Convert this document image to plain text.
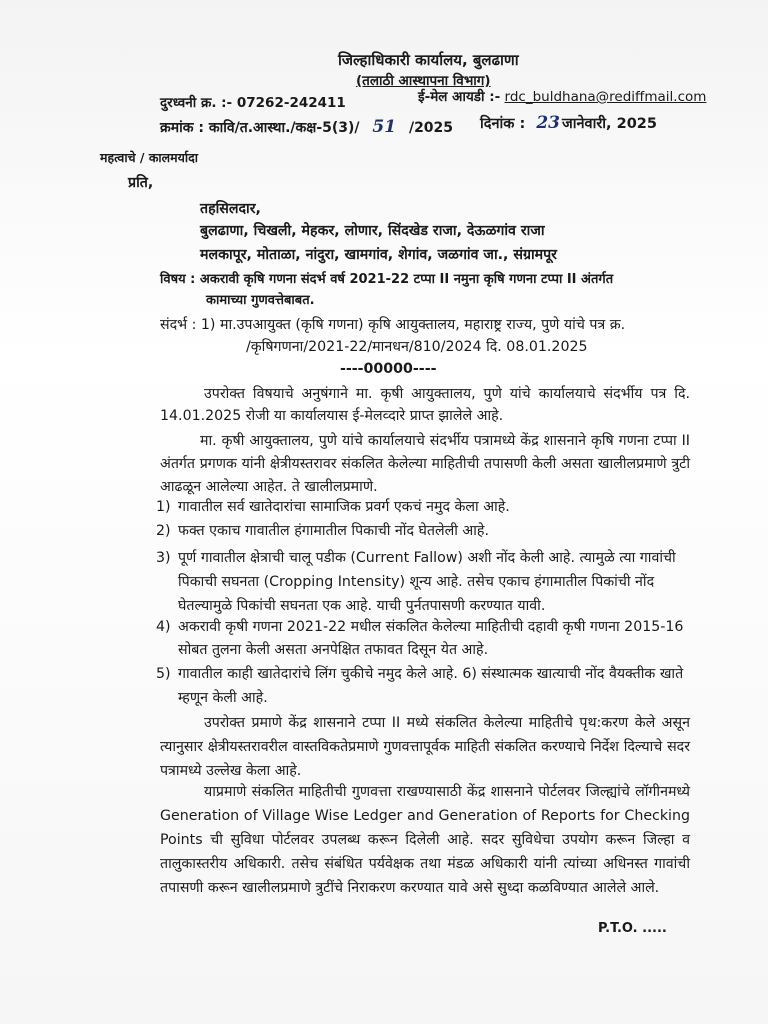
जिल्हाधिकारी कार्यालय, बुलढाणा
(तलाठी आस्थापना विभाग)
दुरध्वनी क्र. :- 07262-242411	ई-मेल आयडी :- rdc_buldhana@rediffmail.com
क्रमांक : कावि/त.आस्था./कक्ष-5(3)/ 51 /2025 दिनांक : 23 जानेवारी, 2025
महत्वाचे / कालमर्यादा
प्रति,
तहसिलदार,
बुलढाणा, चिखली, मेहकर, लोणार, सिंदखेड राजा, देऊळगांव राजा
मलकापूर, मोताळा, नांदुरा, खामगांव, शेगांव, जळगांव जा., संग्रामपूर
विषय : अकरावी कृषि गणना संदर्भ वर्ष 2021-22 टप्पा II नमुना कृषि गणना टप्पा II अंतर्गत
कामाच्या गुणवत्तेबाबत.
संदर्भ : 1) मा.उपआयुक्त (कृषि गणना) कृषि आयुक्तालय, महाराष्ट्र राज्य, पुणे यांचे पत्र क्र.
/कृषिगणना/2021-22/मानधन/810/2024 दि. 08.01.2025
----00000----
उपरोक्त विषयाचे अनुषंगाने मा. कृषी आयुक्तालय, पुणे यांचे कार्यालयाचे संदर्भीय पत्र दि. 14.01.2025 रोजी या कार्यालयास ई-मेलव्दारे प्राप्त झालेले आहे.
मा. कृषी आयुक्तालय, पुणे यांचे कार्यालयाचे संदर्भीय पत्रामध्ये केंद्र शासनाने कृषि गणना टप्पा II अंतर्गत प्रगणक यांनी क्षेत्रीयस्तरावर संकलित केलेल्या माहितीची तपासणी केली असता खालीलप्रमाणे त्रुटी आढळून आलेल्या आहेत. ते खालीलप्रमाणे.
1) गावातील सर्व खातेदारांचा सामाजिक प्रवर्ग एकचं नमुद केला आहे.
2) फक्त एकाच गावातील हंगामातील पिकाची नोंद घेतलेली आहे.
3) पूर्ण गावातील क्षेत्राची चालू पडीक (Current Fallow) अशी नोंद केली आहे. त्यामुळे त्या गावांची पिकाची सघनता (Cropping Intensity) शून्य आहे. तसेच एकाच हंगामातील पिकांची नोंद घेतल्यामुळे पिकांची सघनता एक आहे. याची पुर्नतपासणी करण्यात यावी.
4) अकरावी कृषी गणना 2021-22 मधील संकलित केलेल्या माहितीची दहावी कृषी गणना 2015-16 सोबत तुलना केली असता अनपेक्षित तफावत दिसून येत आहे.
5) गावातील काही खातेदारांचे लिंग चुकीचे नमुद केले आहे. 6) संस्थात्मक खात्याची नोंद वैयक्तीक खाते म्हणून केली आहे.
उपरोक्त प्रमाणे केंद्र शासनाने टप्पा II मध्ये संकलित केलेल्या माहितीचे पृथ:करण केले असून त्यानुसार क्षेत्रीयस्तरावरील वास्तविकतेप्रमाणे गुणवत्तापूर्वक माहिती संकलित करण्याचे निर्देश दिल्याचे सदर पत्रामध्ये उल्लेख केला आहे.
याप्रमाणे संकलित माहितीची गुणवत्ता राखण्यासाठी केंद्र शासनाने पोर्टलवर जिल्ह्यांचे लॉगीनमध्ये Generation of Village Wise Ledger and Generation of Reports for Checking Points ची सुविधा पोर्टलवर उपलब्ध करून दिलेली आहे. सदर सुविधेचा उपयोग करून जिल्हा व तालुकास्तरीय अधिकारी. तसेच संबंधित पर्यवेक्षक तथा मंडळ अधिकारी यांनी त्यांच्या अधिनस्त गावांची तपासणी करून खालीलप्रमाणे त्रुटींचे निराकरण करण्यात यावे असे सुध्दा कळविण्यात आलेले आले.
P.T.O. .....
